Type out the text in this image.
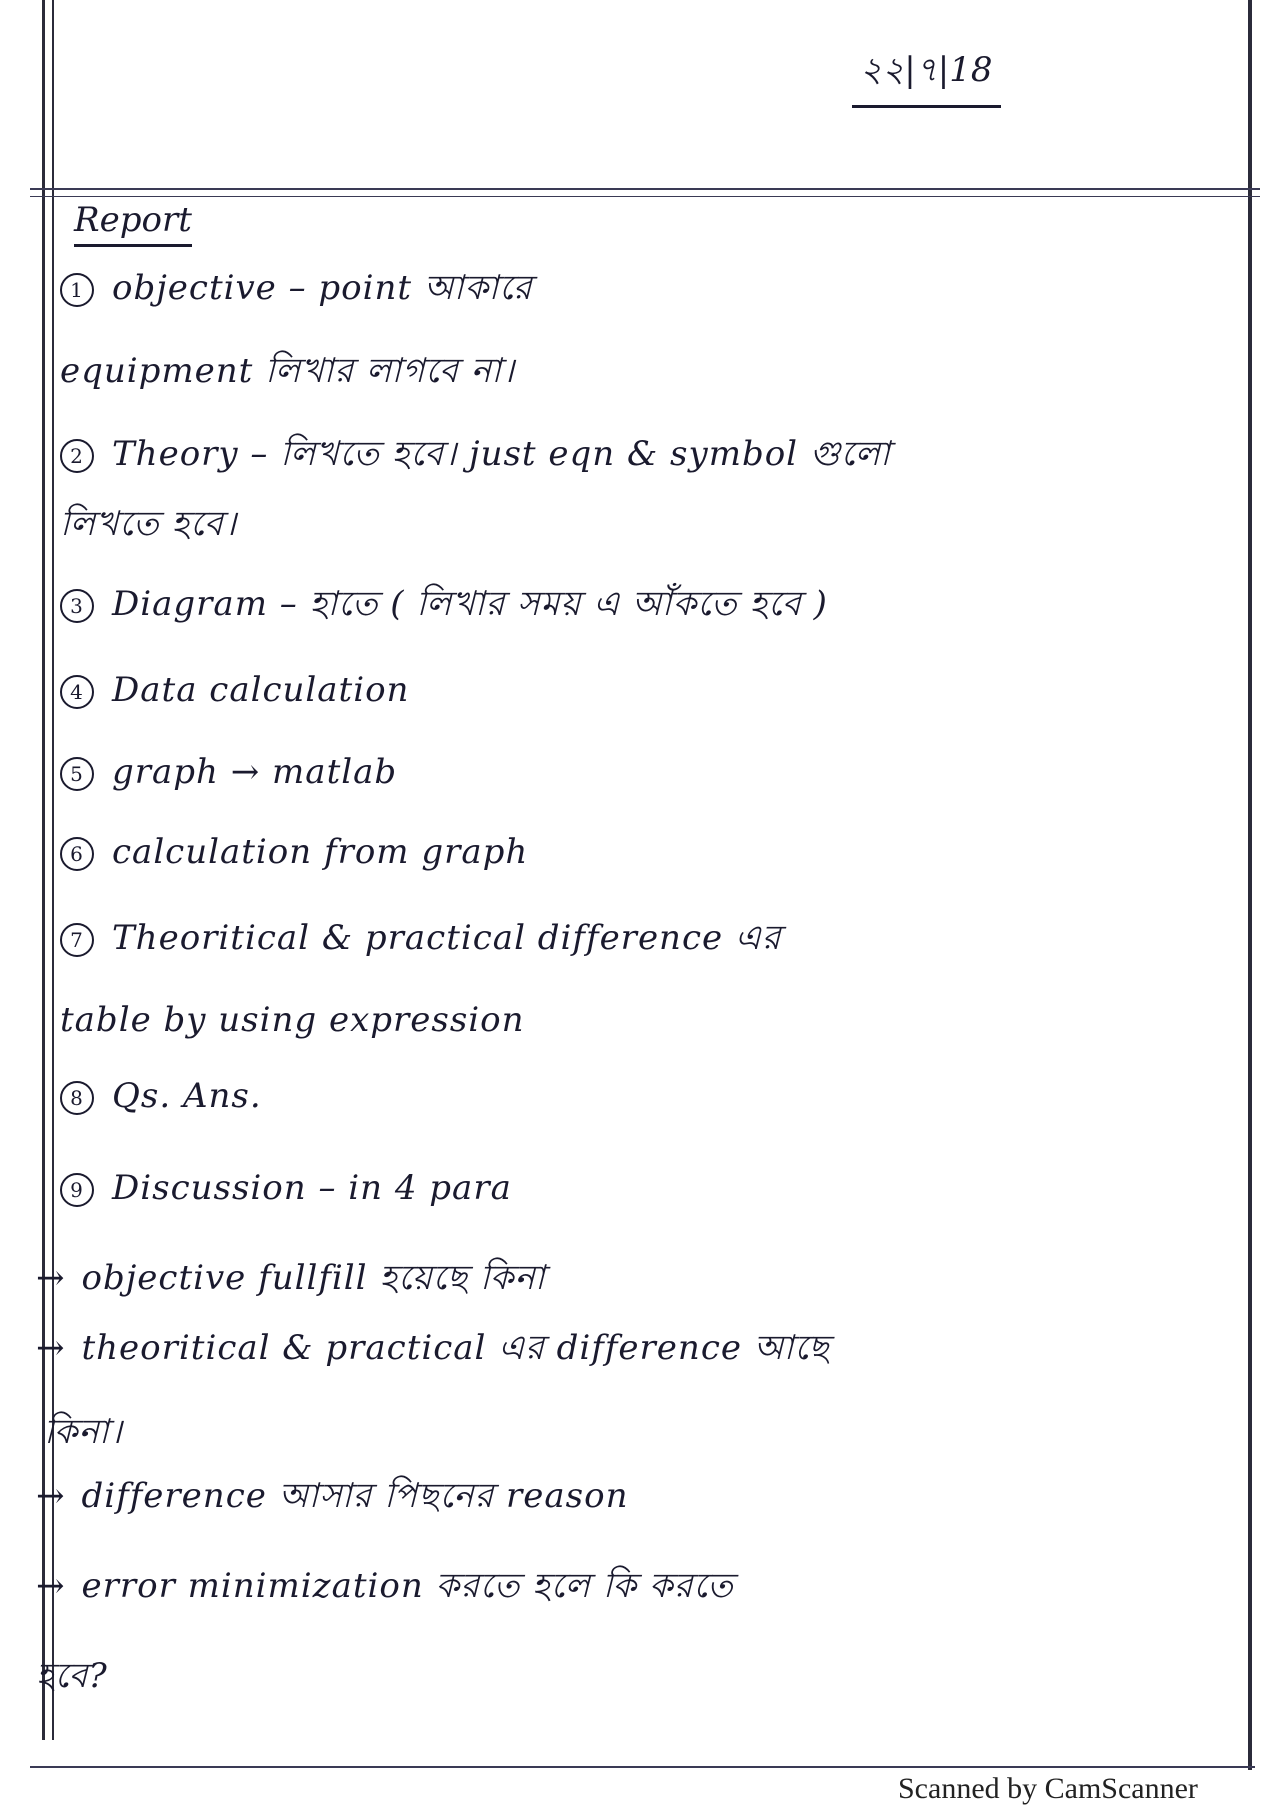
২২|৭|18
Report
1 objective – point আকারে
equipment লিখার লাগবে না।
2 Theory – লিখতে হবে। just eqn & symbol গুলো
লিখতে হবে।
3 Diagram – হাতে ( লিখার সময় এ আঁকতে হবে )
4 Data calculation
5 graph → matlab
6 calculation from graph
7 Theoritical & practical difference এর
table by using expression
8 Qs. Ans.
9 Discussion – in 4 para
→ objective fullfill হয়েছে কিনা
→ theoritical & practical এর difference আছে
কিনা।
→ difference আসার পিছনের reason
→ error minimization করতে হলে কি করতে
হবে?
Scanned by CamScanner
